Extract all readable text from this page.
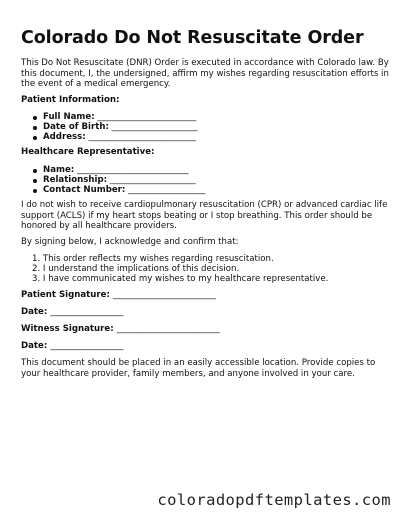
Colorado Do Not Resuscitate Order

This Do Not Resuscitate (DNR) Order is executed in accordance with Colorado law. By this document, I, the undersigned, affirm my wishes regarding resuscitation efforts in the event of a medical emergency.

Patient Information:

Full Name: _______________________
Date of Birth: ____________________
Address: _________________________

Healthcare Representative:

Name: __________________________
Relationship: ____________________
Contact Number: __________________

I do not wish to receive cardiopulmonary resuscitation (CPR) or advanced cardiac life support (ACLS) if my heart stops beating or I stop breathing. This order should be honored by all healthcare providers.

By signing below, I acknowledge and confirm that:

1. This order reflects my wishes regarding resuscitation.
2. I understand the implications of this decision.
3. I have communicated my wishes to my healthcare representative.

Patient Signature: ________________________

Date: _________________

Witness Signature: ________________________

Date: _________________

This document should be placed in an easily accessible location. Provide copies to your healthcare provider, family members, and anyone involved in your care.

coloradopdftemplates.com
